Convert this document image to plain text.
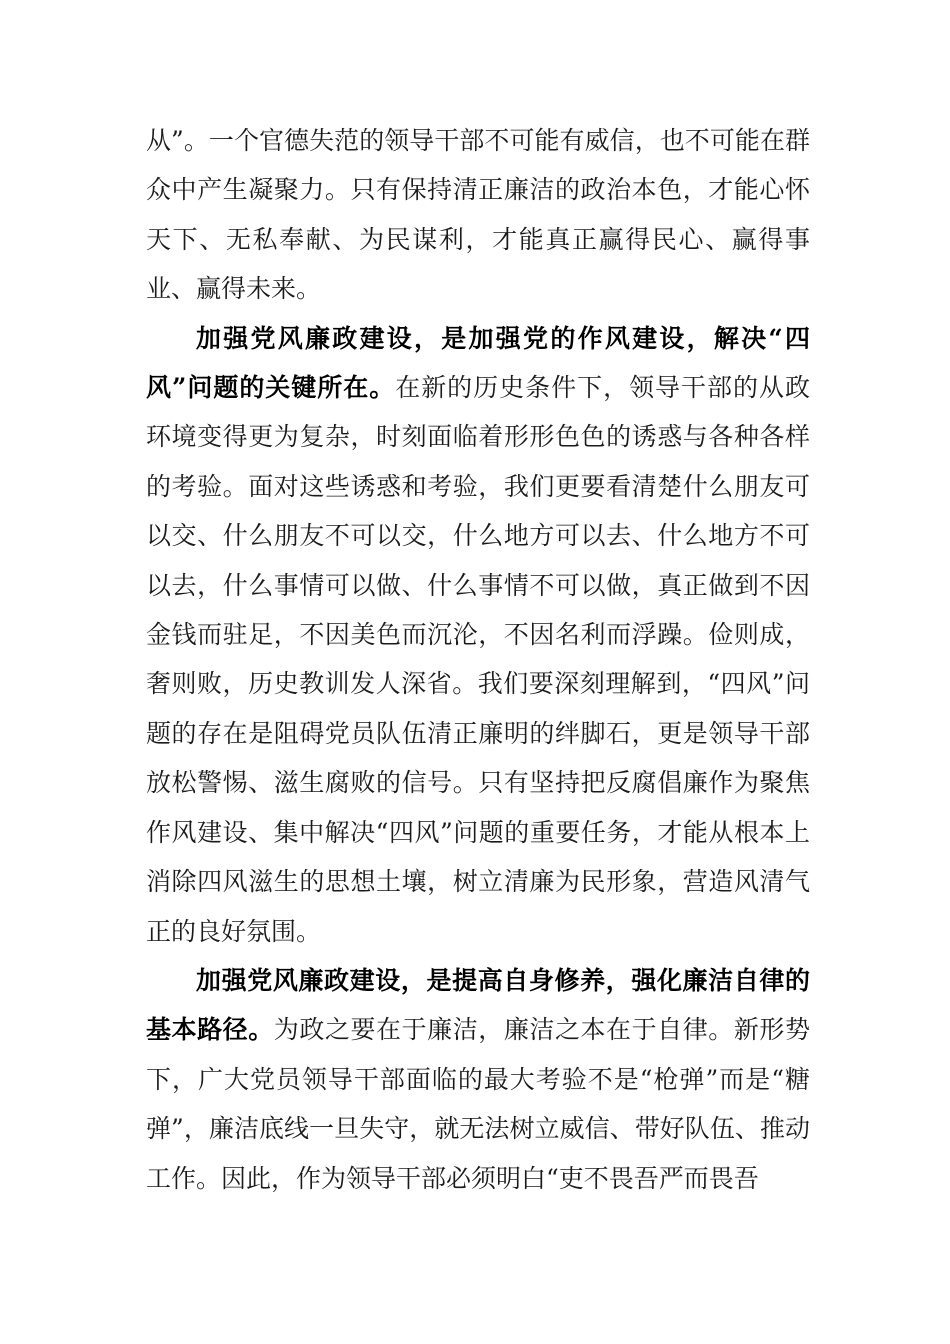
从”。一个官德失范的领导干部不可能有威信，也不可能在群众中产生凝聚力。只有保持清正廉洁的政治本色，才能心怀天下、无私奉献、为民谋利，才能真正赢得民心、赢得事业、赢得未来。

加强党风廉政建设，是加强党的作风建设，解决“四风”问题的关键所在。在新的历史条件下，领导干部的从政环境变得更为复杂，时刻面临着形形色色的诱惑与各种各样的考验。面对这些诱惑和考验，我们更要看清楚什么朋友可以交、什么朋友不可以交，什么地方可以去、什么地方不可以去，什么事情可以做、什么事情不可以做，真正做到不因金钱而驻足，不因美色而沉沦，不因名利而浮躁。俭则成，奢则败，历史教训发人深省。我们要深刻理解到，“四风”问题的存在是阻碍党员队伍清正廉明的绊脚石，更是领导干部放松警惕、滋生腐败的信号。只有坚持把反腐倡廉作为聚焦作风建设、集中解决“四风”问题的重要任务，才能从根本上消除四风滋生的思想土壤，树立清廉为民形象，营造风清气正的良好氛围。

加强党风廉政建设，是提高自身修养，强化廉洁自律的基本路径。为政之要在于廉洁，廉洁之本在于自律。新形势下，广大党员领导干部面临的最大考验不是“枪弹”而是“糖弹”，廉洁底线一旦失守，就无法树立威信、带好队伍、推动工作。因此，作为领导干部必须明白“吏不畏吾严而畏吾
